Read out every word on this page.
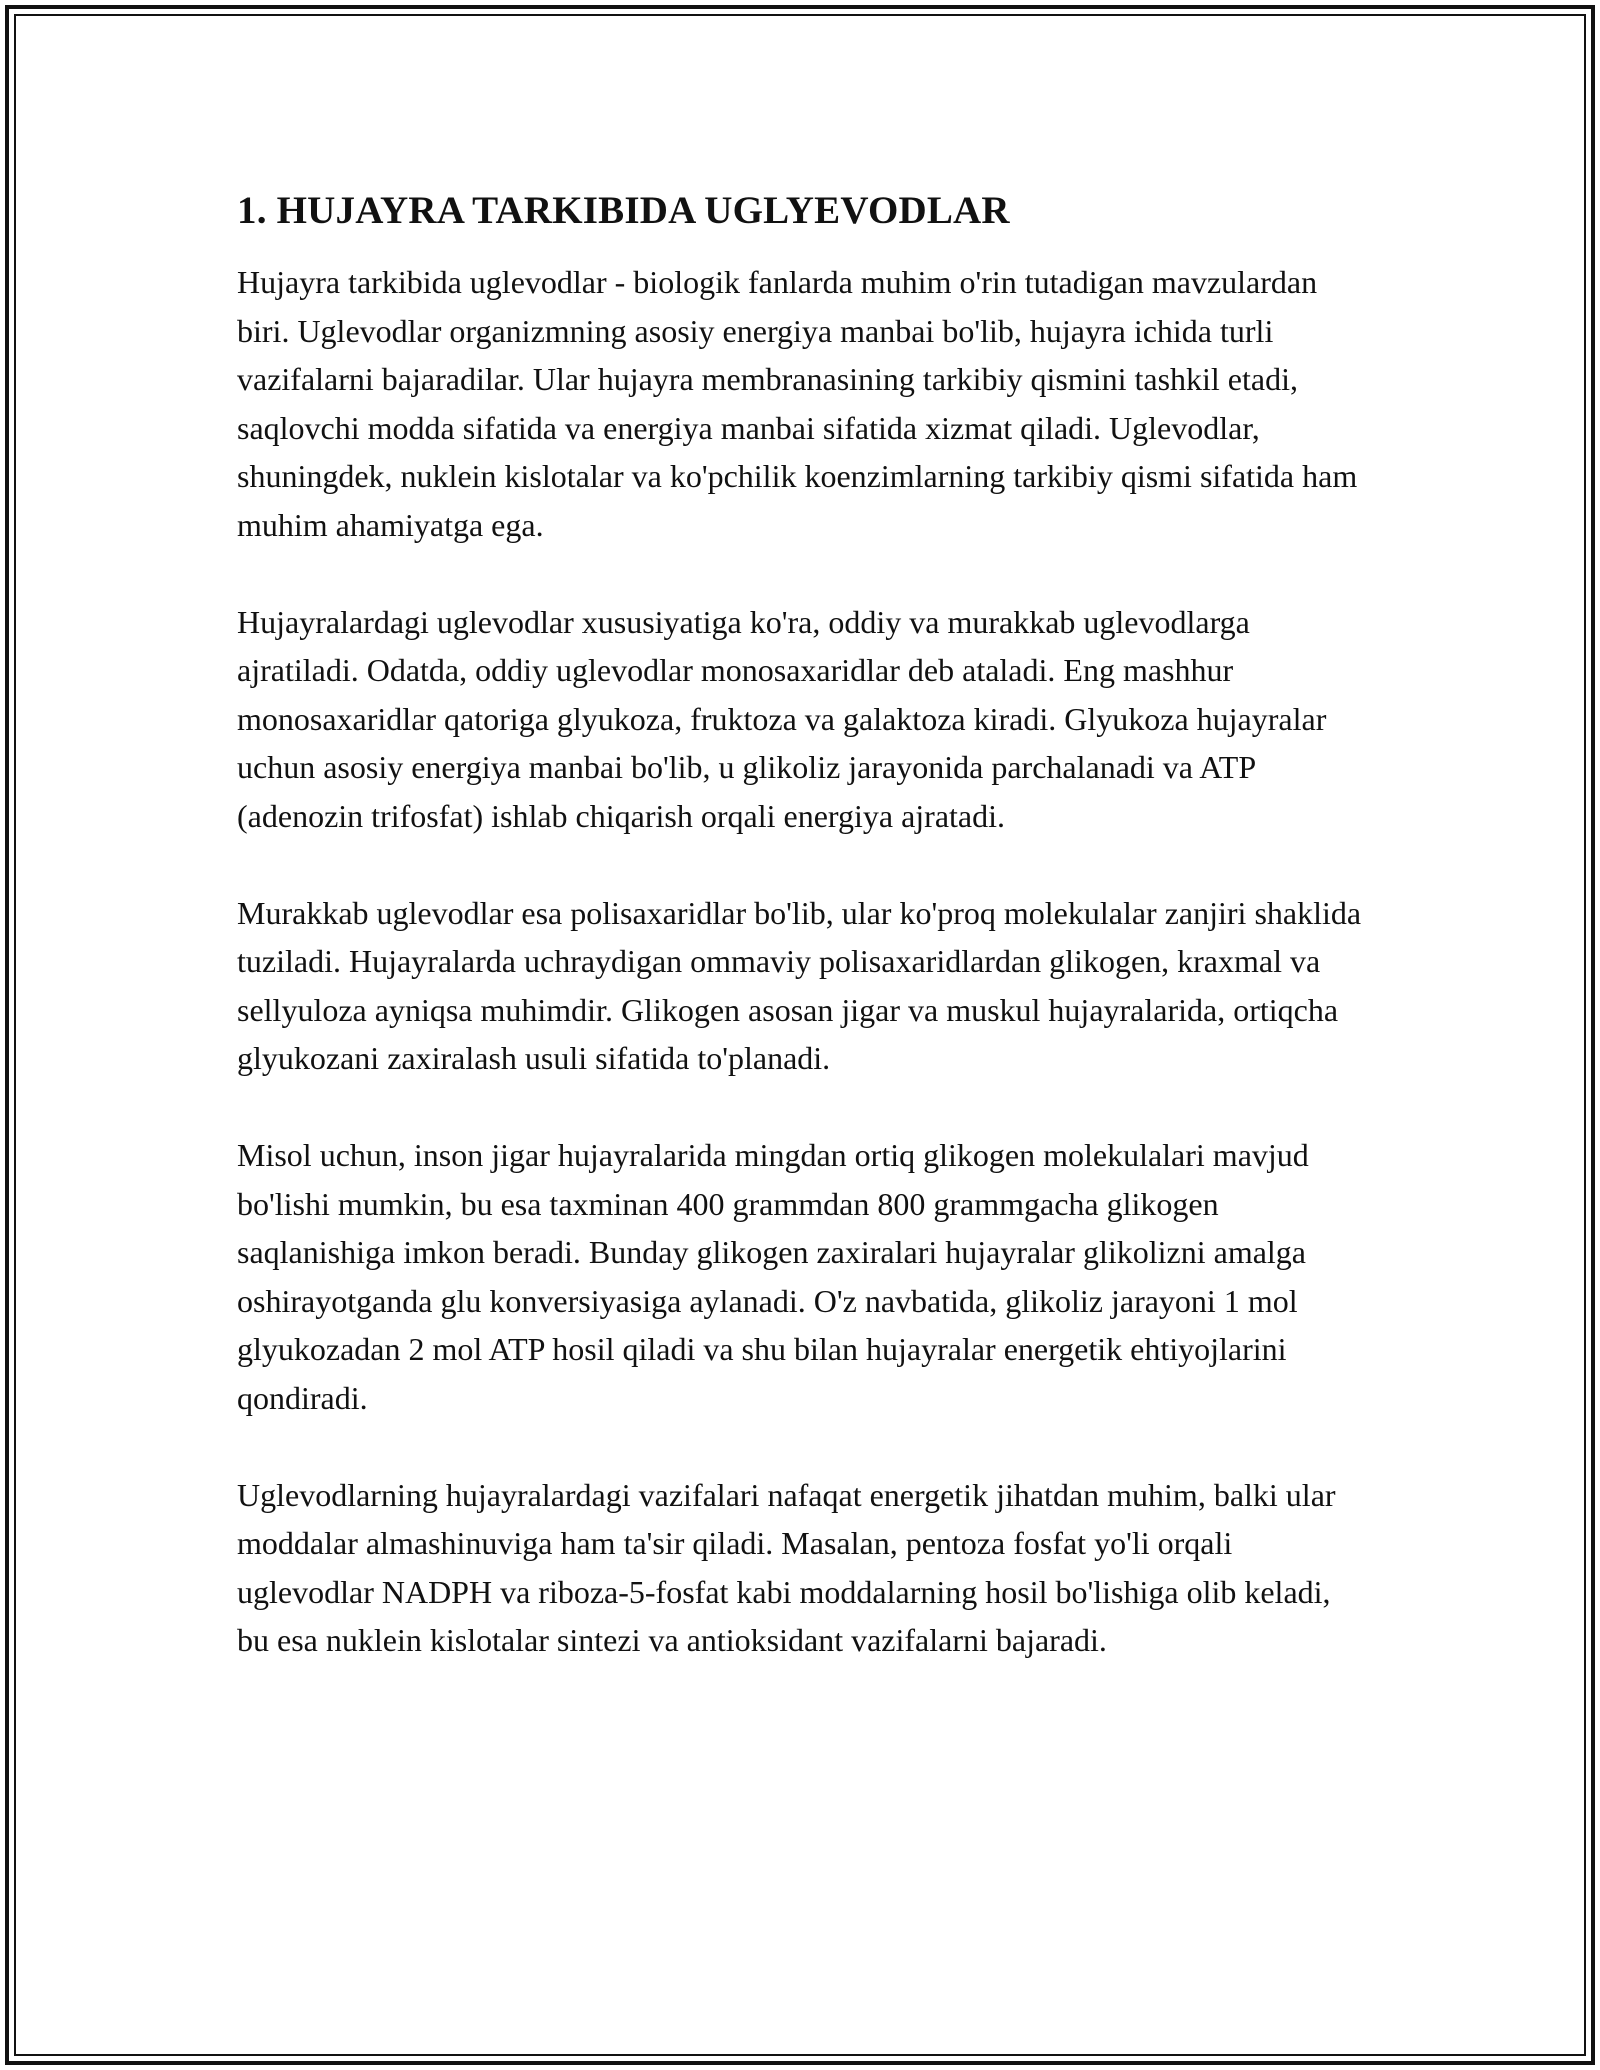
1. HUJAYRA TARKIBIDA UGLYEVODLAR

Hujayra tarkibida uglevodlar - biologik fanlarda muhim o'rin tutadigan mavzulardan biri. Uglevodlar organizmning asosiy energiya manbai bo'lib, hujayra ichida turli vazifalarni bajaradilar. Ular hujayra membranasining tarkibiy qismini tashkil etadi, saqlovchi modda sifatida va energiya manbai sifatida xizmat qiladi. Uglevodlar, shuningdek, nuklein kislotalar va ko'pchilik koenzimlarning tarkibiy qismi sifatida ham muhim ahamiyatga ega.

Hujayralardagi uglevodlar xususiyatiga ko'ra, oddiy va murakkab uglevodlarga ajratiladi. Odatda, oddiy uglevodlar monosaxaridlar deb ataladi. Eng mashhur monosaxaridlar qatoriga glyukoza, fruktoza va galaktoza kiradi. Glyukoza hujayralar uchun asosiy energiya manbai bo'lib, u glikoliz jarayonida parchalanadi va ATP (adenozin trifosfat) ishlab chiqarish orqali energiya ajratadi.

Murakkab uglevodlar esa polisaxaridlar bo'lib, ular ko'proq molekulalar zanjiri shaklida tuziladi. Hujayralarda uchraydigan ommaviy polisaxaridlardan glikogen, kraxmal va sellyuloza ayniqsa muhimdir. Glikogen asosan jigar va muskul hujayralarida, ortiqcha glyukozani zaxiralash usuli sifatida to'planadi.

Misol uchun, inson jigar hujayralarida mingdan ortiq glikogen molekulalari mavjud bo'lishi mumkin, bu esa taxminan 400 grammdan 800 grammgacha glikogen saqlanishiga imkon beradi. Bunday glikogen zaxiralari hujayralar glikolizni amalga oshirayotganda glu konversiyasiga aylanadi. O'z navbatida, glikoliz jarayoni 1 mol glyukozadan 2 mol ATP hosil qiladi va shu bilan hujayralar energetik ehtiyojlarini qondiradi.

Uglevodlarning hujayralardagi vazifalari nafaqat energetik jihatdan muhim, balki ular moddalar almashinuviga ham ta'sir qiladi. Masalan, pentoza fosfat yo'li orqali uglevodlar NADPH va riboza-5-fosfat kabi moddalarning hosil bo'lishiga olib keladi, bu esa nuklein kislotalar sintezi va antioksidant vazifalarni bajaradi.
